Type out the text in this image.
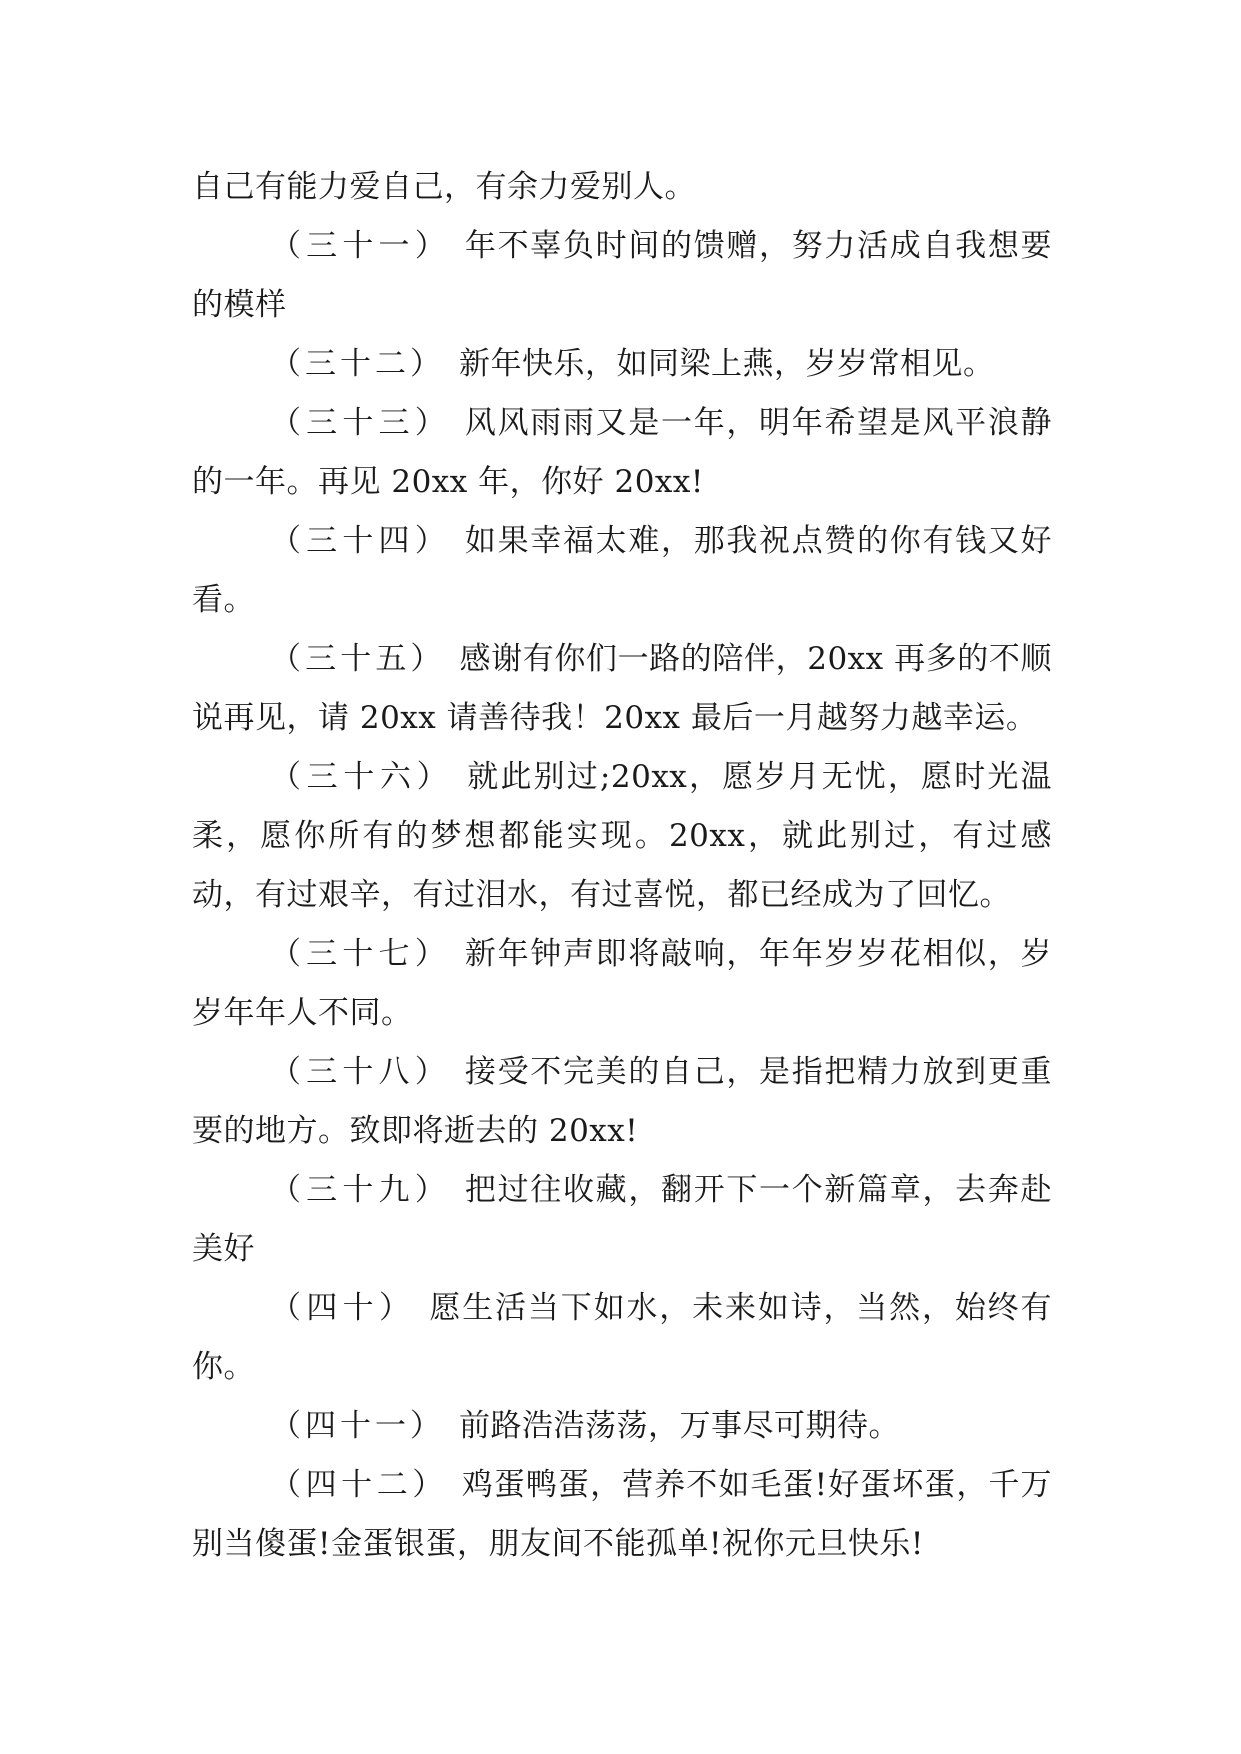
自己有能力爱自己，有余力爱别人。

（三十一） 年不辜负时间的馈赠，努力活成自我想要的模样

（三十二） 新年快乐，如同梁上燕，岁岁常相见。

（三十三） 风风雨雨又是一年，明年希望是风平浪静的一年。再见 20xx 年，你好 20xx!

（三十四） 如果幸福太难，那我祝点赞的你有钱又好看。

（三十五） 感谢有你们一路的陪伴，20xx 再多的不顺说再见，请 20xx 请善待我！20xx 最后一月越努力越幸运。

（三十六） 就此别过;20xx，愿岁月无忧，愿时光温柔，愿你所有的梦想都能实现。20xx，就此别过，有过感动，有过艰辛，有过泪水，有过喜悦，都已经成为了回忆。

（三十七） 新年钟声即将敲响，年年岁岁花相似，岁岁年年人不同。

（三十八） 接受不完美的自己，是指把精力放到更重要的地方。致即将逝去的 20xx!

（三十九） 把过往收藏，翻开下一个新篇章，去奔赴美好

（四十） 愿生活当下如水，未来如诗，当然，始终有你。

（四十一） 前路浩浩荡荡，万事尽可期待。

（四十二） 鸡蛋鸭蛋，营养不如毛蛋!好蛋坏蛋，千万别当傻蛋!金蛋银蛋，朋友间不能孤单!祝你元旦快乐!
